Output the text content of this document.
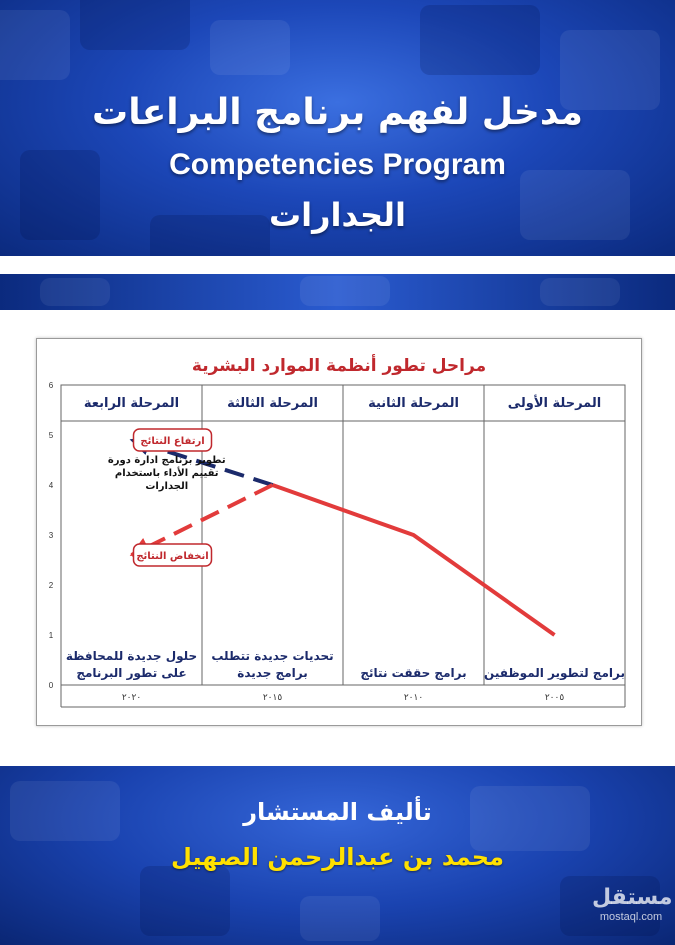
مدخل لفهم برنامج البراعات
Competencies Program
الجدارات
مراحل تطور أنظمة الموارد البشرية
0
1
2
3
4
5
6
المرحلة الأولى
المرحلة الثانية
المرحلة الثالثة
المرحلة الرابعة
برامج لتطوير الموظفين
برامج حققت نتائج
تحديات جديدة تتطلب
برامج جديدة
حلول جديدة للمحافظة
على تطور البرنامج
٢٠٠٥
٢٠١٠
٢٠١٥
٢٠٢٠
ارتفاع النتائج
انخفاض النتائج
تطوير برنامج ادارة دورة
تقييم الأداء باستخدام
الجدارات
تأليف المستشار
محمد بن عبدالرحمن الصهيل
مستقل
mostaql.com
